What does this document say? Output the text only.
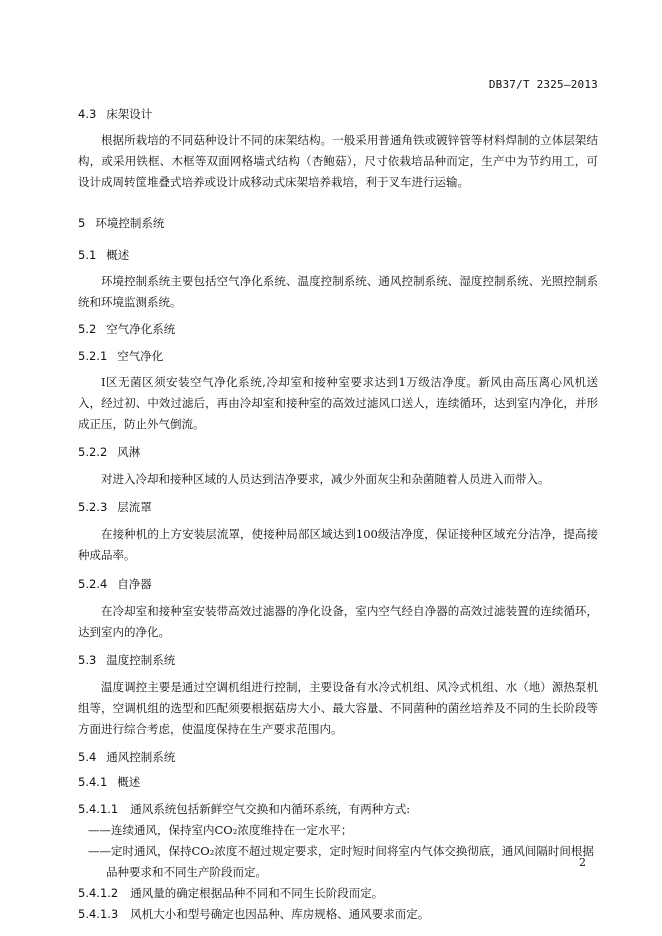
DB37/T 2325—2013
4.3 床架设计
根据所栽培的不同菇种设计不同的床架结构。一般采用普通角铁或镀锌管等材料焊制的立体层架结构，或采用铁框、木框等双面网格墙式结构（杏鲍菇），尺寸依栽培品种而定，生产中为节约用工，可设计成周转筐堆叠式培养或设计成移动式床架培养栽培，利于叉车进行运输。
5 环境控制系统
5.1 概述
环境控制系统主要包括空气净化系统、温度控制系统、通风控制系统、湿度控制系统、光照控制系统和环境监测系统。
5.2 空气净化系统
5.2.1 空气净化
I区无菌区须安装空气净化系统,冷却室和接种室要求达到1万级洁净度。新风由高压离心风机送入，经过初、中效过滤后，再由冷却室和接种室的高效过滤风口送人，连续循环，达到室内净化，并形成正压，防止外气倒流。
5.2.2 风淋
对进入冷却和接种区域的人员达到洁净要求，减少外面灰尘和杂菌随着人员进入而带入。
5.2.3 层流罩
在接种机的上方安装层流罩，使接种局部区域达到100级洁净度，保证接种区域充分洁净，提高接种成品率。
5.2.4 自净器
在冷却室和接种室安装带高效过滤器的净化设备，室内空气经自净器的高效过滤装置的连续循环，达到室内的净化。
5.3 温度控制系统
温度调控主要是通过空调机组进行控制，主要设备有水冷式机组、风冷式机组、水（地）源热泵机组等，空调机组的选型和匹配须要根据菇房大小、最大容量、不同菌种的菌丝培养及不同的生长阶段等方面进行综合考虑，使温度保持在生产要求范围内。
5.4 通风控制系统
5.4.1 概述
5.4.1.1 通风系统包括新鲜空气交换和内循环系统，有两种方式:
——连续通风，保持室内CO₂浓度维持在一定水平；
——定时通风，保持CO₂浓度不超过规定要求，定时短时间将室内气体交换彻底，通风间隔时间根据品种要求和不同生产阶段而定。
5.4.1.2 通风量的确定根据品种不同和不同生长阶段而定。
5.4.1.3 风机大小和型号确定也因品种、库房规格、通风要求而定。
2
